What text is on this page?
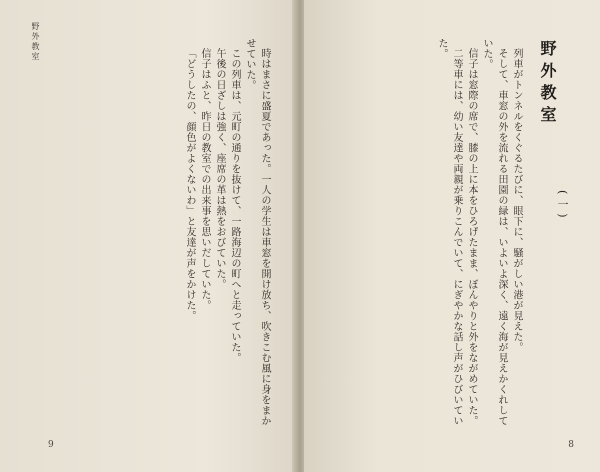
野外教室

時はまさに盛夏であった。一人の学生は車窓を開け放ち、吹きこむ風に身をまかせていた。

この列車は、元町の通りを抜けて、一路海辺の町へと走っていた。

午後の日ざしは強く、座席の革は熱をおびていた。

信子はふと、昨日の教室での出来事を思いだしていた。

「どうしたの、顔色がよくないわ」と友達が声をかけた。

9

列車がトンネルをくぐるたびに、眼下に、騒がしい港が見えた。

そして、車窓の外を流れる田園の緑は、いよいよ深く、遠く海が見えかくれしていた。

信子は窓際の席で、膝の上に本をひろげたまま、ぼんやりと外をながめていた。

二等車には、幼い友達や両親が乗りこんでいて、にぎやかな話し声がひびいていた。	野外教室
(一)
8
